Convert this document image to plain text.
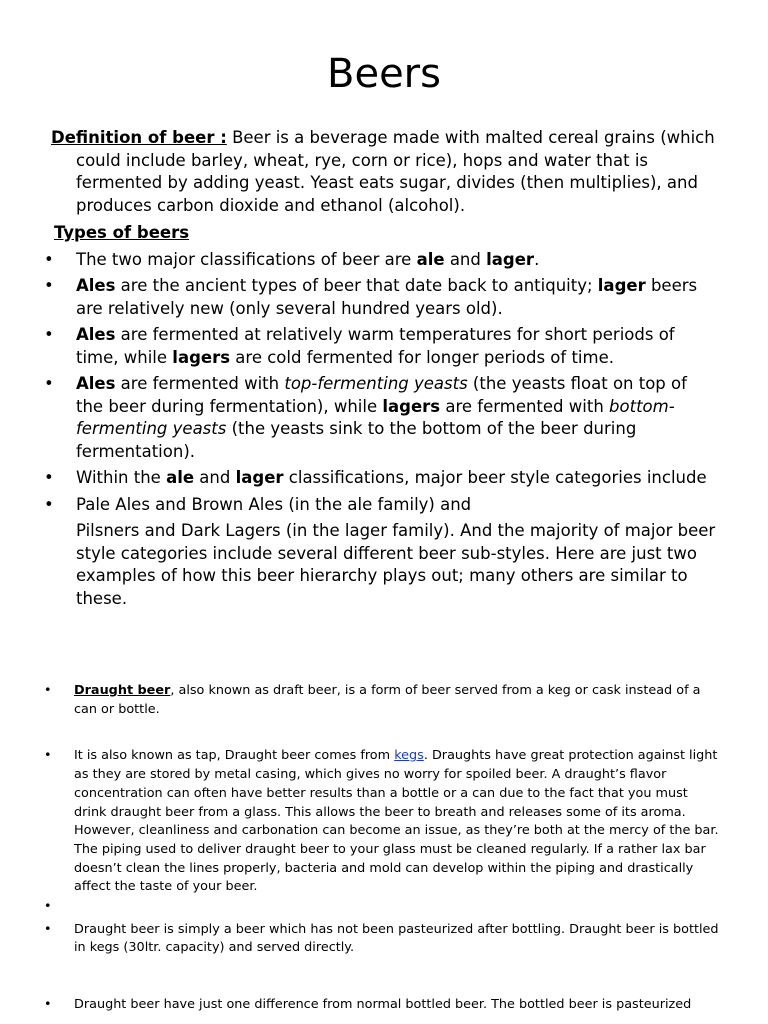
Beers

Definition of beer : Beer is a beverage made with malted cereal grains (which could include barley, wheat, rye, corn or rice), hops and water that is fermented by adding yeast. Yeast eats sugar, divides (then multiplies), and produces carbon dioxide and ethanol (alcohol).

Types of beers
• The two major classifications of beer are ale and lager.
• Ales are the ancient types of beer that date back to antiquity; lager beers are relatively new (only several hundred years old).
• Ales are fermented at relatively warm temperatures for short periods of time, while lagers are cold fermented for longer periods of time.
• Ales are fermented with top-fermenting yeasts (the yeasts float on top of the beer during fermentation), while lagers are fermented with bottom-fermenting yeasts (the yeasts sink to the bottom of the beer during fermentation).
• Within the ale and lager classifications, major beer style categories include
• Pale Ales and Brown Ales (in the ale family) and

Pilsners and Dark Lagers (in the lager family). And the majority of major beer style categories include several different beer sub-styles. Here are just two examples of how this beer hierarchy plays out; many others are similar to these.

• Draught beer, also known as draft beer, is a form of beer served from a keg or cask instead of a can or bottle.
• It is also known as tap, Draught beer comes from kegs. Draughts have great protection against light as they are stored by metal casing, which gives no worry for spoiled beer. A draught’s flavor concentration can often have better results than a bottle or a can due to the fact that you must drink draught beer from a glass. This allows the beer to breath and releases some of its aroma. However, cleanliness and carbonation can become an issue, as they’re both at the mercy of the bar. The piping used to deliver draught beer to your glass must be cleaned regularly. If a rather lax bar doesn’t clean the lines properly, bacteria and mold can develop within the piping and drastically affect the taste of your beer.
•
• Draught beer is simply a beer which has not been pasteurized after bottling. Draught beer is bottled in kegs (30ltr. capacity) and served directly.
• Draught beer have just one difference from normal bottled beer. The bottled beer is pasteurized
